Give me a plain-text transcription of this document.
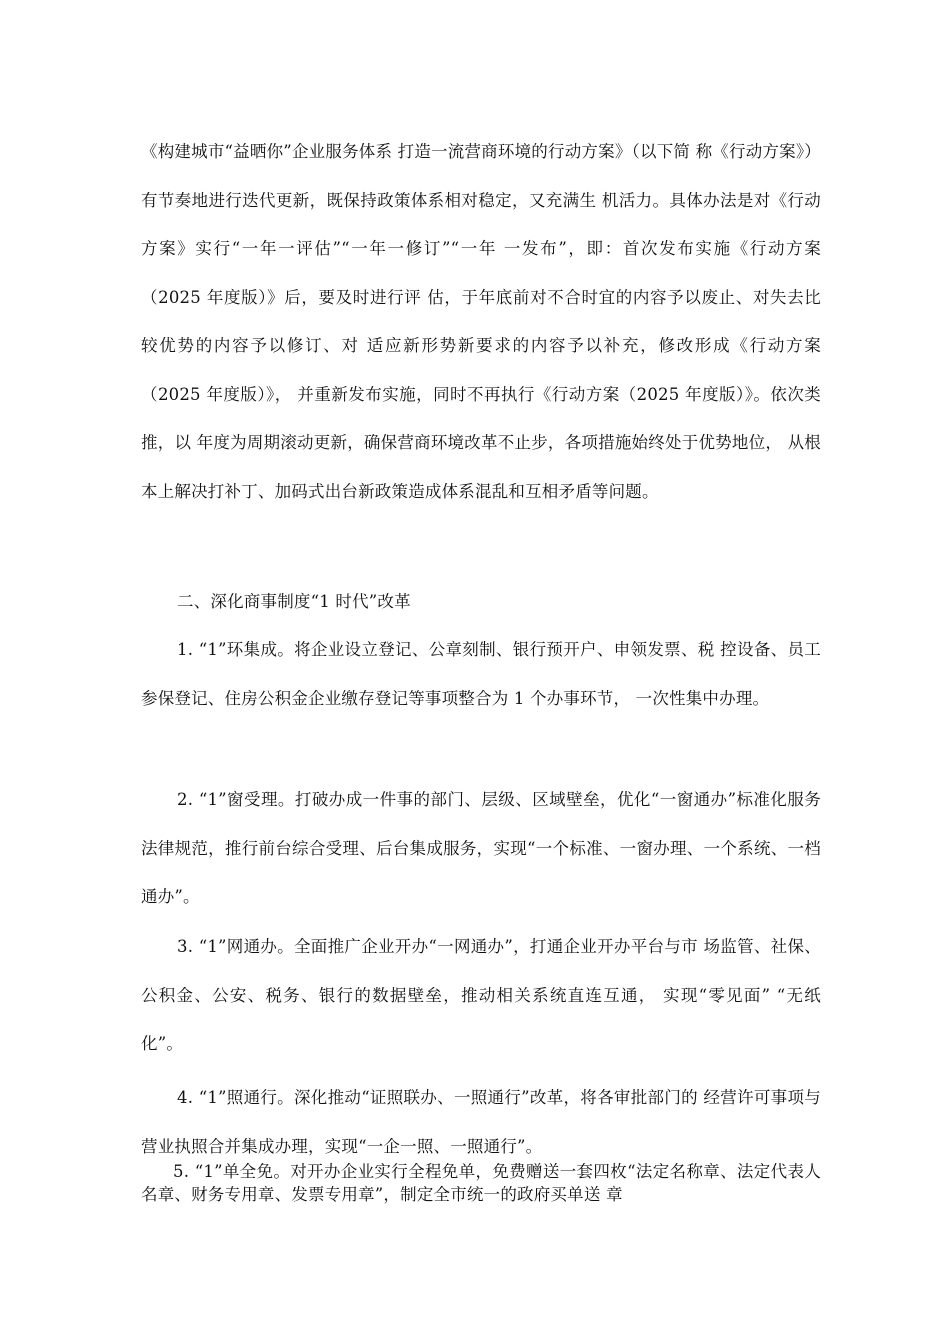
《构建城市“益晒你”企业服务体系 打造一流营商环境的行动方案》（以下简 称《行动方案》）有节奏地进行迭代更新，既保持政策体系相对稳定，又充满生 机活力。具体办法是对《行动方案》实行“一年一评估”“一年一修订”“一年 一发布”，即：首次发布实施《行动方案（2025 年度版）》后，要及时进行评 估，于年底前对不合时宜的内容予以废止、对失去比较优势的内容予以修订、对 适应新形势新要求的内容予以补充，修改形成《行动方案（2025 年度版）》， 并重新发布实施，同时不再执行《行动方案（2025 年度版）》。依次类推，以 年度为周期滚动更新，确保营商环境改革不止步，各项措施始终处于优势地位， 从根本上解决打补丁、加码式出台新政策造成体系混乱和互相矛盾等问题。

二、深化商事制度“1 时代”改革

1. “1”环集成。将企业设立登记、公章刻制、银行预开户、申领发票、税 控设备、员工参保登记、住房公积金企业缴存登记等事项整合为 1 个办事环节， 一次性集中办理。

2. “1”窗受理。打破办成一件事的部门、层级、区域壁垒，优化“一窗通办”标准化服务法律规范，推行前台综合受理、后台集成服务，实现“一个标准、一窗办理、一个系统、一档通办”。

3. “1”网通办。全面推广企业开办“一网通办”，打通企业开办平台与市 场监管、社保、公积金、公安、税务、银行的数据壁垒，推动相关系统直连互通， 实现“零见面” “无纸化”。

4. “1”照通行。深化推动“证照联办、一照通行”改革，将各审批部门的 经营许可事项与营业执照合并集成办理，实现“一企一照、一照通行”。

5. “1”单全免。对开办企业实行全程免单，免费赠送一套四枚“法定名称章、法定代表人名章、财务专用章、发票专用章”，制定全市统一的政府买单送 章
